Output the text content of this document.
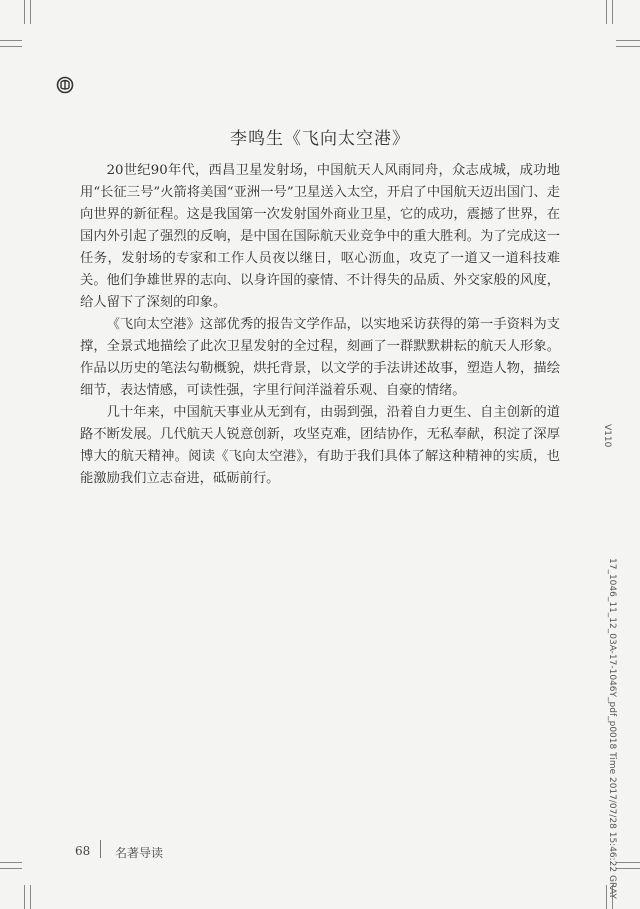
李鸣生《飞向太空港》

20世纪90年代，西昌卫星发射场，中国航天人风雨同舟，众志成城，成功地用“长征三号”火箭将美国“亚洲一号”卫星送入太空，开启了中国航天迈出国门、走向世界的新征程。这是我国第一次发射国外商业卫星，它的成功，震撼了世界，在国内外引起了强烈的反响，是中国在国际航天业竞争中的重大胜利。为了完成这一任务，发射场的专家和工作人员夜以继日，呕心沥血，攻克了一道又一道科技难关。他们争雄世界的志向、以身许国的豪情、不计得失的品质、外交家般的风度，给人留下了深刻的印象。

《飞向太空港》这部优秀的报告文学作品，以实地采访获得的第一手资料为支撑，全景式地描绘了此次卫星发射的全过程，刻画了一群默默耕耘的航天人形象。作品以历史的笔法勾勒概貌，烘托背景，以文学的手法讲述故事，塑造人物，描绘细节，表达情感，可读性强，字里行间洋溢着乐观、自豪的情绪。

几十年来，中国航天事业从无到有，由弱到强，沿着自力更生、自主创新的道路不断发展。几代航天人锐意创新，攻坚克难，团结协作，无私奉献，积淀了深厚博大的航天精神。阅读《飞向太空港》，有助于我们具体了解这种精神的实质，也能激励我们立志奋进，砥砺前行。

68 名著导读
V110
17_1046_11_12_03A-17-1046Y_pdf_p0018 Time 2017/07/28 15:46:22 GRAY
